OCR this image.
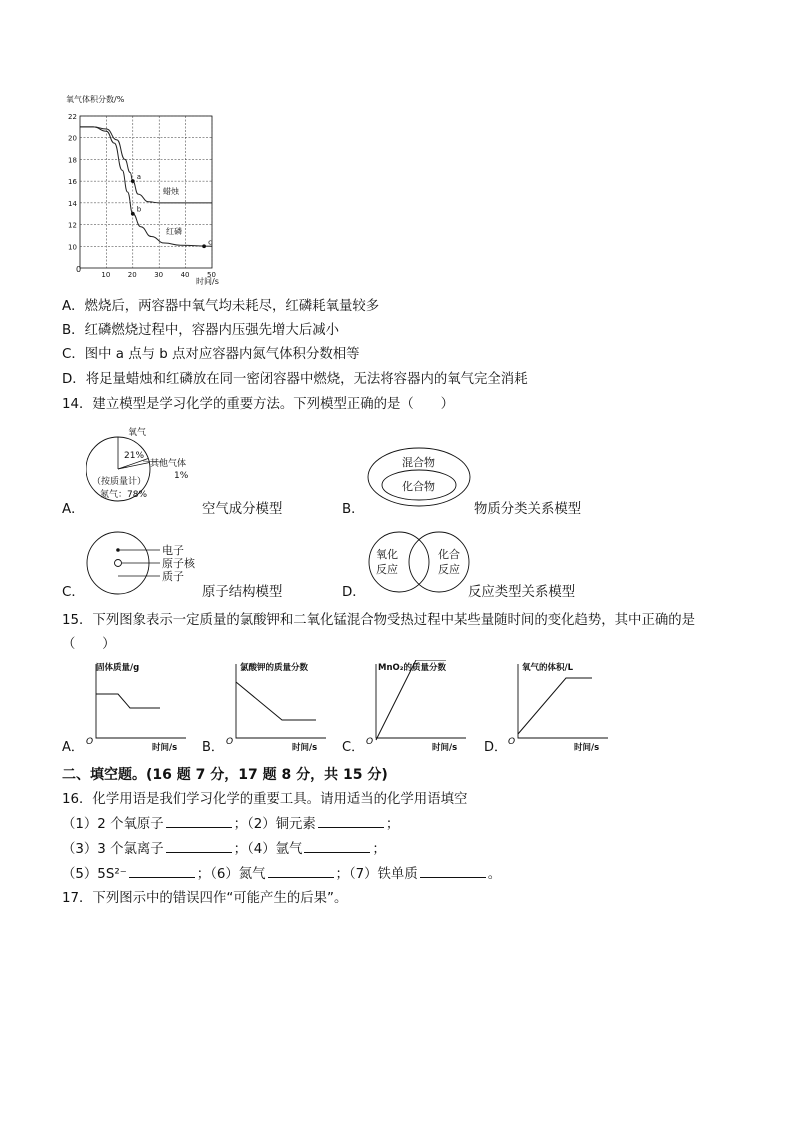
氧气体积分数/%
10 20 30 40 50
10
12
14
16
18
20
22
a
b
c
0
时间/s
蜡烛
红磷
A．燃烧后，两容器中氧气均未耗尽，红磷耗氧量较多
B．红磷燃烧过程中，容器内压强先增大后减小
C．图中 a 点与 b 点对应容器内氮气体积分数相等
D．将足量蜡烛和红磷放在同一密闭容器中燃烧，无法将容器内的氧气完全消耗
14．建立模型是学习化学的重要方法。下列模型正确的是（　　）
A．
氧气
21%
其他气体
1%
（按质量计）
氮气：78%
空气成分模型	B．
混合物
化合物
物质分类关系模型
C．
电子
原子核
质子
原子结构模型	D．
氧化
反应
化合
反应
反应类型关系模型
15．下列图象表示一定质量的氯酸钾和二氧化锰混合物受热过程中某些量随时间的变化趋势，其中正确的是
（　　）
A．
固体质量/g
O
时间/s B．
氯酸钾的质量分数
O
时间/s C．
MnO₂的质量分数
O
时间/s D．
氧气的体积/L
O
时间/s
二、填空题。(16 题 7 分，17 题 8 分，共 15 分)
16．化学用语是我们学习化学的重要工具。请用适当的化学用语填空
（1）2 个氧原子	；（2）铜元素	；
（3）3 个氯离子	；（4）氩气	；
（5）5S²⁻	；（6）氮气	；（7）铁单质	。
17．下列图示中的错误四作“可能产生的后果”。
